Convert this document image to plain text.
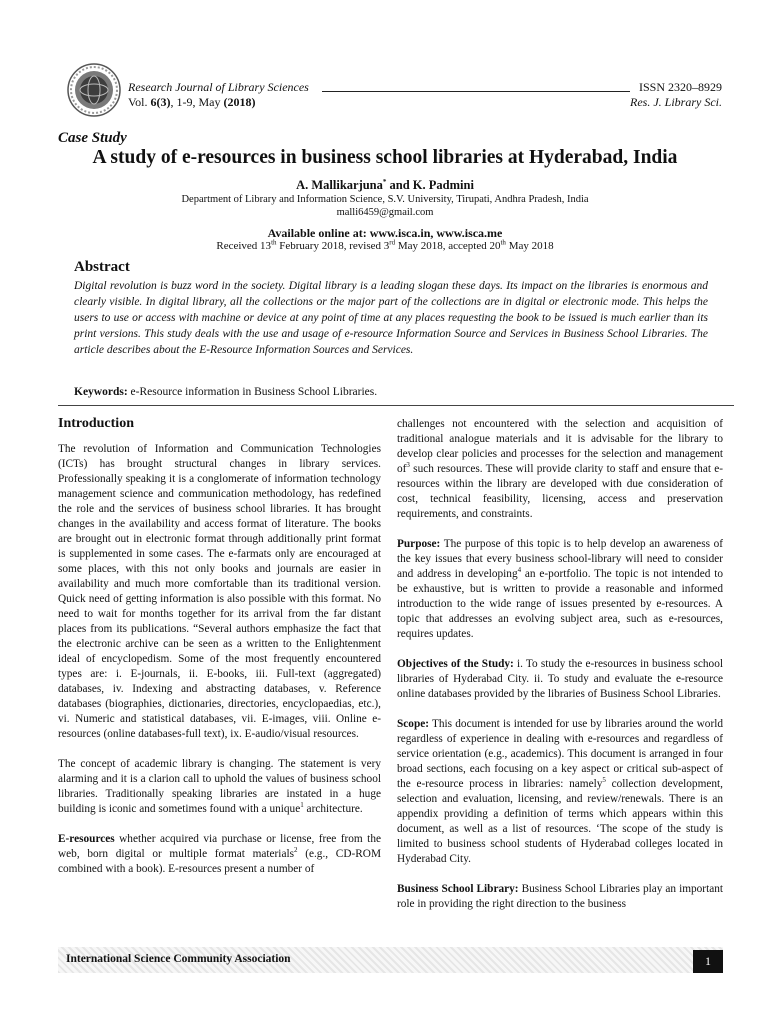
Research Journal of Library Sciences
Vol. 6(3), 1-9, May (2018)
ISSN 2320–8929
Res. J. Library Sci.
Case Study
A study of e-resources in business school libraries at Hyderabad, India
A. Mallikarjuna* and K. Padmini
Department of Library and Information Science, S.V. University, Tirupati, Andhra Pradesh, India
malli6459@gmail.com
Available online at: www.isca.in, www.isca.me
Received 13th February 2018, revised 3rd May 2018, accepted 20th May 2018
Abstract
Digital revolution is buzz word in the society. Digital library is a leading slogan these days. Its impact on the libraries is enormous and clearly visible. In digital library, all the collections or the major part of the collections are in digital or electronic mode. This helps the users to use or access with machine or device at any point of time at any places requesting the book to be issued is much earlier than its print versions. This study deals with the use and usage of e-resource Information Source and Services in Business School Libraries. The article describes about the E-Resource Information Sources and Services.
Keywords: e-Resource information in Business School Libraries.
Introduction

The revolution of Information and Communication Technologies (ICTs) has brought structural changes in library services. Professionally speaking it is a conglomerate of information technology management science and communication methodology, has redefined the role and the services of business school libraries. It has brought changes in the availability and access format of literature. The books are brought out in electronic format through additionally print format is supplemented in some cases. The e-farmats only are encouraged at some places, with this not only books and journals are easier in availability and much more comfortable than its traditional version. Quick need of getting information is also possible with this format. No need to wait for months together for its arrival from the far distant places from its publications. “Several authors emphasize the fact that the electronic archive can be seen as a written to the Enlightenment ideal of encyclopedism. Some of the most frequently encountered types are: i. E-journals, ii. E-books, iii. Full-text (aggregated) databases, iv. Indexing and abstracting databases, v. Reference databases (biographies, dictionaries, directories, encyclopaedias, etc.), vi. Numeric and statistical databases, vii. E-images, viii. Online e-resources (online databases-full text), ix. E-audio/visual resources.

The concept of academic library is changing. The statement is very alarming and it is a clarion call to uphold the values of business school libraries. Traditionally speaking libraries are instated in a huge building is iconic and sometimes found with a unique$^1$ architecture.

E-resources whether acquired via purchase or license, free from the web, born digital or multiple format materials$^2$ (e.g., CD-ROM combined with a book). E-resources present a number of

challenges not encountered with the selection and acquisition of traditional analogue materials and it is advisable for the library to develop clear policies and processes for the selection and management $of^3$ such resources. These will provide clarity to staff and ensure that e-resources within the library are developed with due consideration of cost, technical feasibility, licensing, access and preservation requirements, and constraints.

Purpose: The purpose of this topic is to help develop an awareness of the key issues that every business school-library will need to consider and address in developing$^4$ an e-portfolio. The topic is not intended to be exhaustive, but is written to provide a reasonable and informed introduction to the wide range of issues presented by e-resources. A topic that addresses an evolving subject area, such as e-resources, requires updates.

Objectives of the Study: i. To study the e-resources in business school libraries of Hyderabad City. ii. To study and evaluate the e-resource online databases provided by the libraries of Business School Libraries.

Scope: This document is intended for use by libraries around the world regardless of experience in dealing with e-resources and regardless of service orientation (e.g., academics). This document is arranged in four broad sections, each focusing on a key aspect or critical sub-aspect of the e-resource process in libraries: namely$^5$ collection development, selection and evaluation, licensing, and review/renewals. There is an appendix providing a definition of terms which appears within this document, as well as a list of resources. ‘The scope of the study is limited to business school students of Hyderabad colleges located in Hyderabad City.

Business School Library: Business School Libraries play an important role in providing the right direction to the business

International Science Community Association	1
